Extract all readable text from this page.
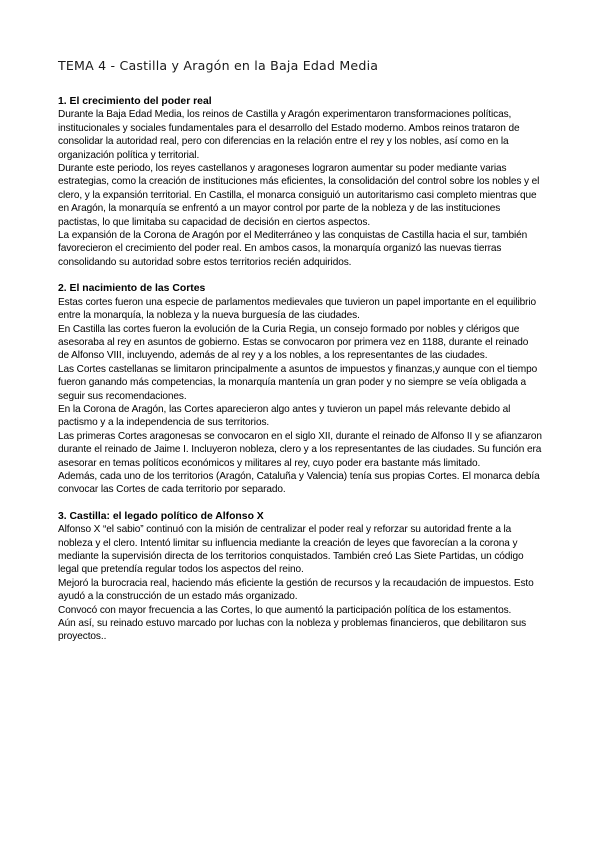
TEMA 4 - Castilla y Aragón en la Baja Edad Media
1. El crecimiento del poder real

Durante la Baja Edad Media, los reinos de Castilla y Aragón experimentaron transformaciones políticas, institucionales y sociales fundamentales para el desarrollo del Estado moderno. Ambos reinos trataron de consolidar la autoridad real, pero con diferencias en la relación entre el rey y los nobles, así como en la organización política y territorial.

Durante este periodo, los reyes castellanos y aragoneses lograron aumentar su poder mediante varias estrategias, como la creación de instituciones más eficientes, la consolidación del control sobre los nobles y el clero, y la expansión territorial. En Castilla, el monarca consiguió un autoritarismo casi completo mientras que en Aragón, la monarquía se enfrentó a un mayor control por parte de la nobleza y de las instituciones pactistas, lo que limitaba su capacidad de decisión en ciertos aspectos.

La expansión de la Corona de Aragón por el Mediterráneo y las conquistas de Castilla hacia el sur, también favorecieron el crecimiento del poder real. En ambos casos, la monarquía organizó las nuevas tierras consolidando su autoridad sobre estos territorios recién adquiridos.

2. El nacimiento de las Cortes

Estas cortes fueron una especie de parlamentos medievales que tuvieron un papel importante en el equilibrio entre la monarquía, la nobleza y la nueva burguesía de las ciudades.

En Castilla las cortes fueron la evolución de la Curia Regia, un consejo formado por nobles y clérigos que asesoraba al rey en asuntos de gobierno. Estas se convocaron por primera vez en 1188, durante el reinado de Alfonso VIII, incluyendo, además de al rey y a los nobles, a los representantes de las ciudades.

Las Cortes castellanas se limitaron principalmente a asuntos de impuestos y finanzas,y aunque con el tiempo fueron ganando más competencias, la monarquía mantenía un gran poder y no siempre se veía obligada a seguir sus recomendaciones.

En la Corona de Aragón, las Cortes aparecieron algo antes y tuvieron un papel más relevante debido al pactismo y a la independencia de sus territorios.

Las primeras Cortes aragonesas se convocaron en el siglo XII, durante el reinado de Alfonso II y se afianzaron durante el reinado de Jaime I. Incluyeron nobleza, clero y a los representantes de las ciudades. Su función era asesorar en temas políticos económicos y militares al rey, cuyo poder era bastante más limitado.

Además, cada uno de los territorios (Aragón, Cataluña y Valencia) tenía sus propias Cortes. El monarca debía convocar las Cortes de cada territorio por separado.

3. Castilla: el legado político de Alfonso X

Alfonso X “el sabio” continuó con la misión de centralizar el poder real y reforzar su autoridad frente a la nobleza y el clero. Intentó limitar su influencia mediante la creación de leyes que favorecían a la corona y mediante la supervisión directa de los territorios conquistados. También creó Las Siete Partidas, un código legal que pretendía regular todos los aspectos del reino.

Mejoró la burocracia real, haciendo más eficiente la gestión de recursos y la recaudación de impuestos. Esto ayudó a la construcción de un estado más organizado.

Convocó con mayor frecuencia a las Cortes, lo que aumentó la participación política de los estamentos.

Aún así, su reinado estuvo marcado por luchas con la nobleza y problemas financieros, que debilitaron sus proyectos..
